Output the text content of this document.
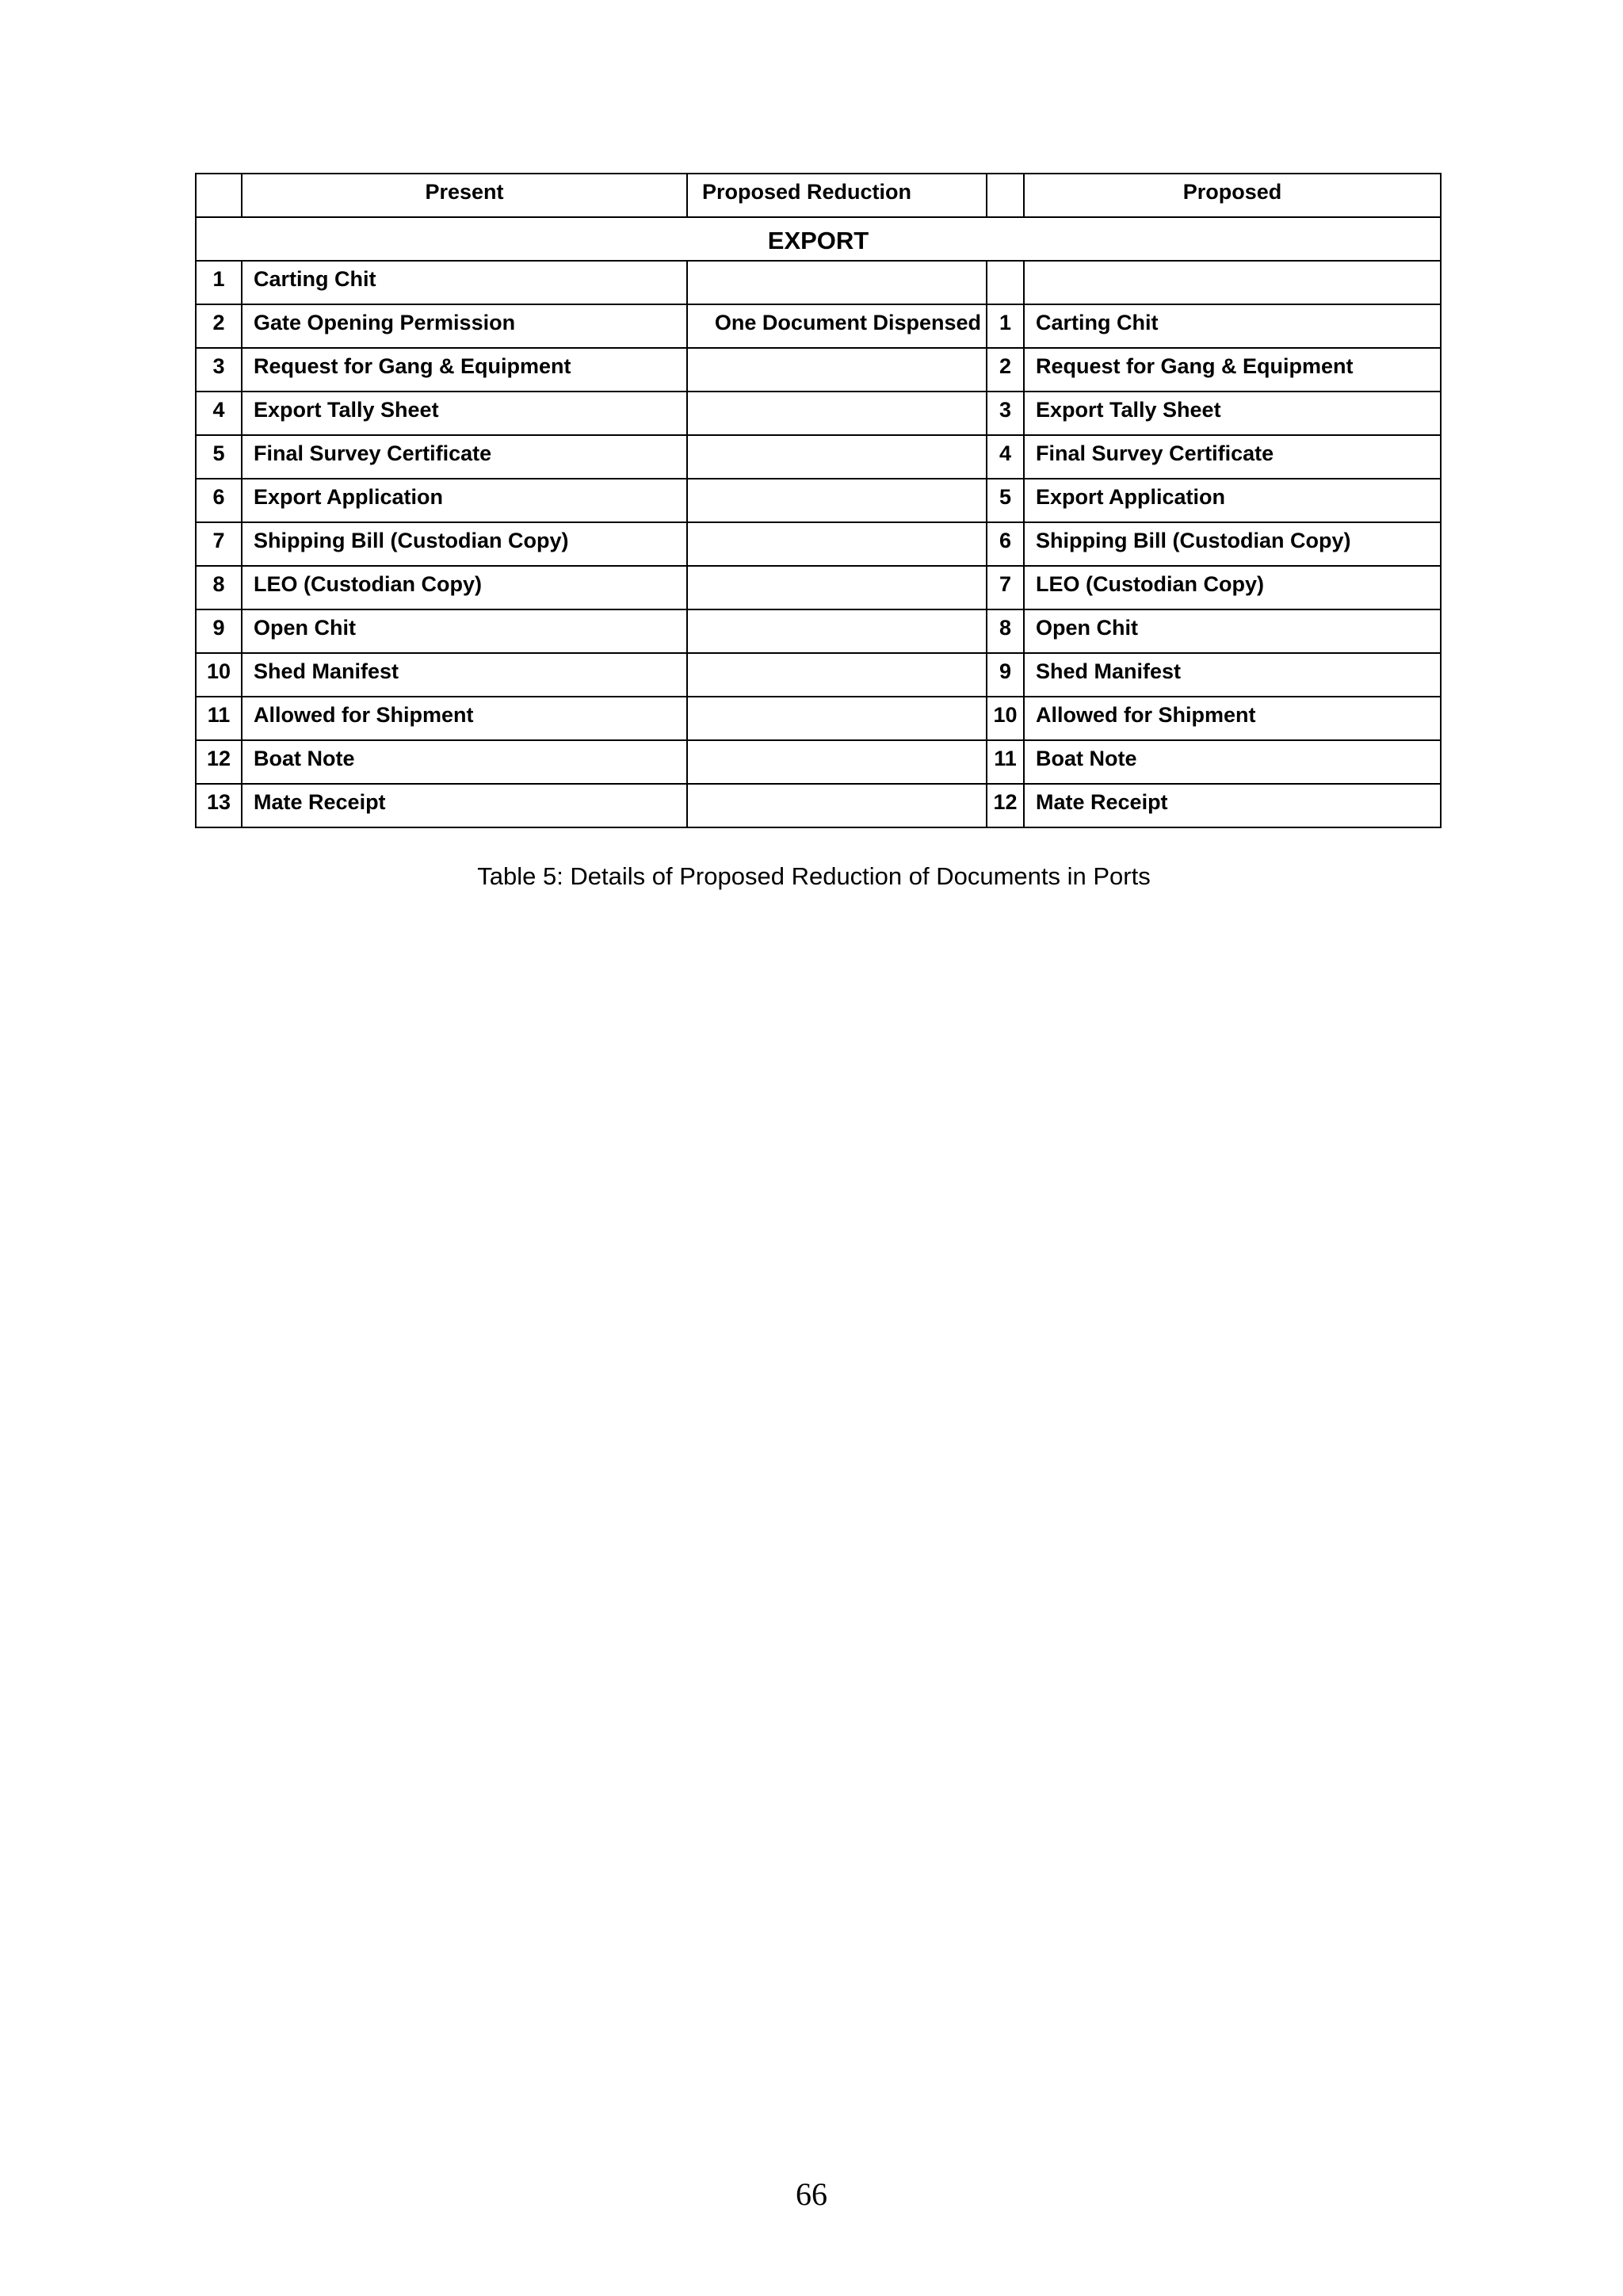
	Present	Proposed Reduction		Proposed

EXPORT				

1	Carting Chit			

2	Gate Opening Permission	One Document Dispensed	1	Carting Chit

3	Request for Gang & Equipment		2	Request for Gang & Equipment

4	Export Tally Sheet		3	Export Tally Sheet

5	Final Survey Certificate		4	Final Survey Certificate

6	Export Application		5	Export Application

7	Shipping Bill (Custodian Copy)		6	Shipping Bill (Custodian Copy)

8	LEO (Custodian Copy)		7	LEO (Custodian Copy)

9	Open Chit		8	Open Chit

10	Shed Manifest		9	Shed Manifest

11	Allowed for Shipment		10	Allowed for Shipment

12	Boat Note		11	Boat Note

13	Mate Receipt		12	Mate Receipt
Table 5: Details of Proposed Reduction of Documents in Ports
66
